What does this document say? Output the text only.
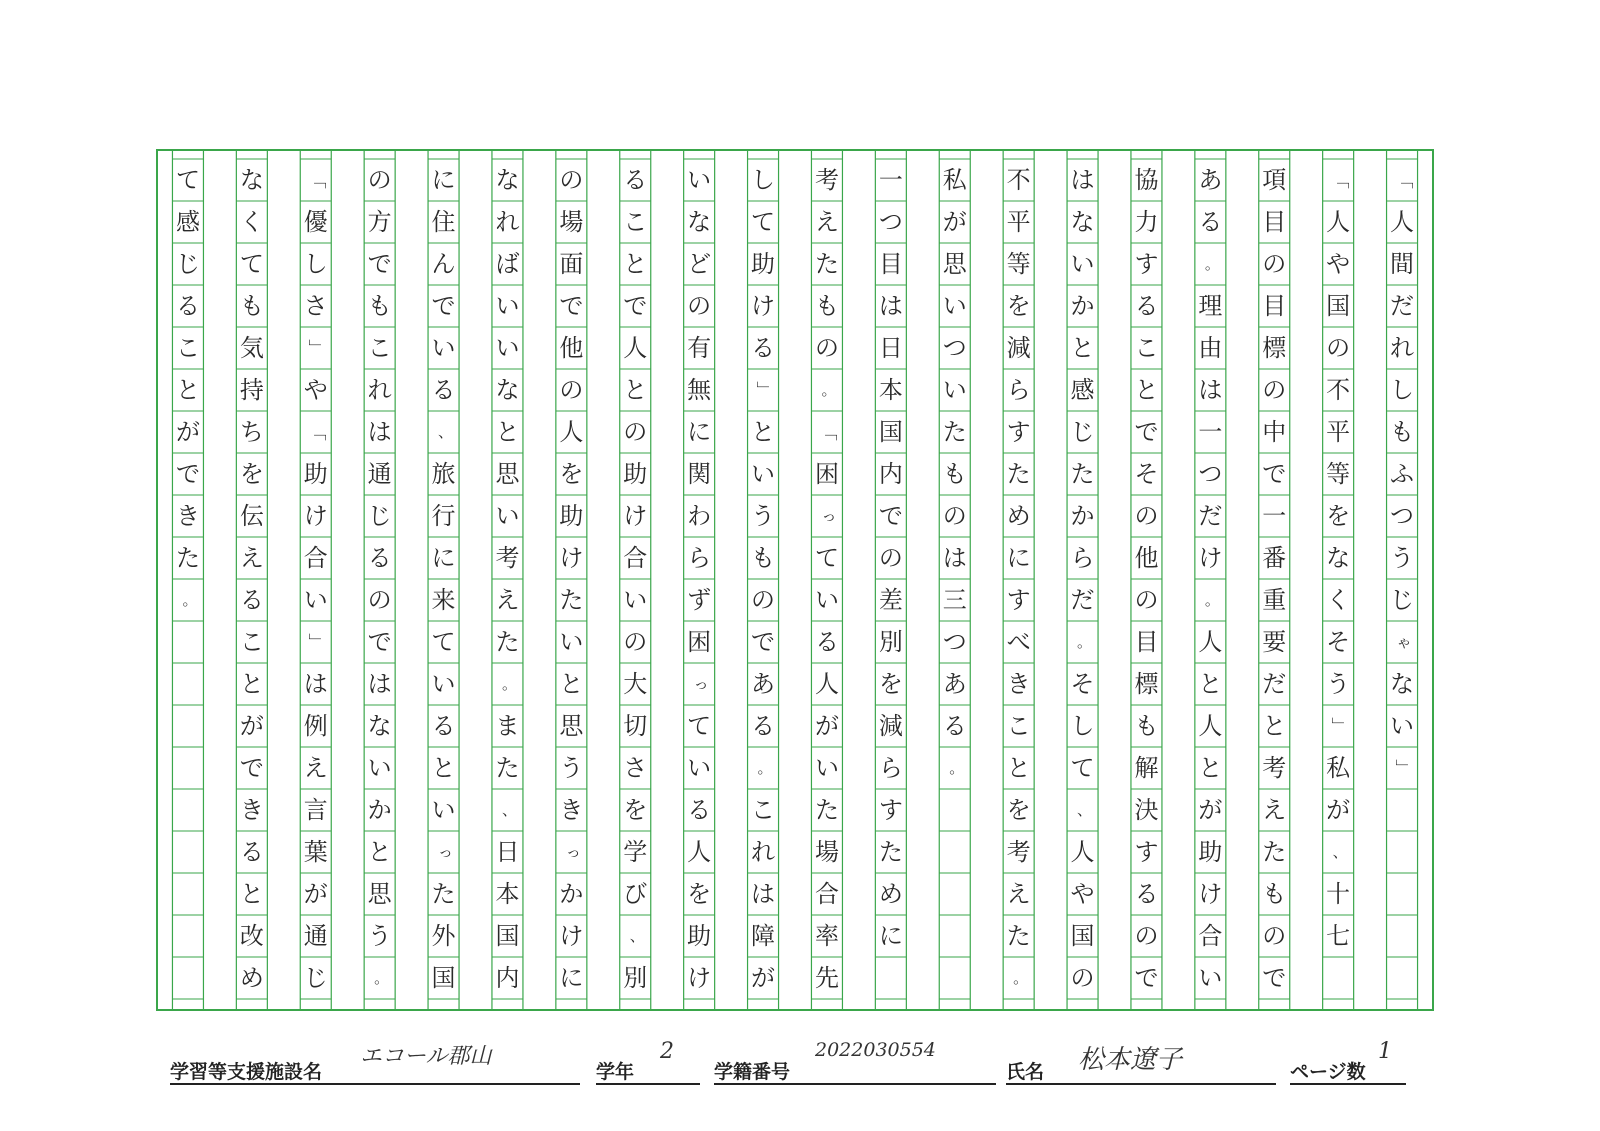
「
人
間
だ
れ
し
も
ふ
つ
う
じ
ゃ
な
い
」
「
人
や
国
の
不
平
等
を
な
く
そ
う
」
私
が
、
十
七
項
目
の
目
標
の
中
で
一
番
重
要
だ
と
考
え
た
も
の
で
あ
る
。
理
由
は
一
つ
だ
け
。
人
と
人
と
が
助
け
合
い
協
力
す
る
こ
と
で
そ
の
他
の
目
標
も
解
決
す
る
の
で
は
な
い
か
と
感
じ
た
か
ら
だ
。
そ
し
て
、
人
や
国
の
不
平
等
を
減
ら
す
た
め
に
す
べ
き
こ
と
を
考
え
た
。
私
が
思
い
つ
い
た
も
の
は
三
つ
あ
る
。
一
つ
目
は
日
本
国
内
で
の
差
別
を
減
ら
す
た
め
に
考
え
た
も
の
。
「
困
っ
て
い
る
人
が
い
た
場
合
率
先
し
て
助
け
る
」
と
い
う
も
の
で
あ
る
。
こ
れ
は
障
が
い
な
ど
の
有
無
に
関
わ
ら
ず
困
っ
て
い
る
人
を
助
け
る
こ
と
で
人
と
の
助
け
合
い
の
大
切
さ
を
学
び
、
別
の
場
面
で
他
の
人
を
助
け
た
い
と
思
う
き
っ
か
け
に
な
れ
ば
い
い
な
と
思
い
考
え
た
。
ま
た
、
日
本
国
内
に
住
ん
で
い
る
、
旅
行
に
来
て
い
る
と
い
っ
た
外
国
の
方
で
も
こ
れ
は
通
じ
る
の
で
は
な
い
か
と
思
う
。
「
優
し
さ
」
や
「
助
け
合
い
」
は
例
え
言
葉
が
通
じ
な
く
て
も
気
持
ち
を
伝
え
る
こ
と
が
で
き
る
と
改
め
て
感
じ
る
こ
と
が
で
き
た
。
学習等支援施設名
エコール郡山
学年
2
学籍番号
2022030554
氏名 松本遼子	ページ数
1
